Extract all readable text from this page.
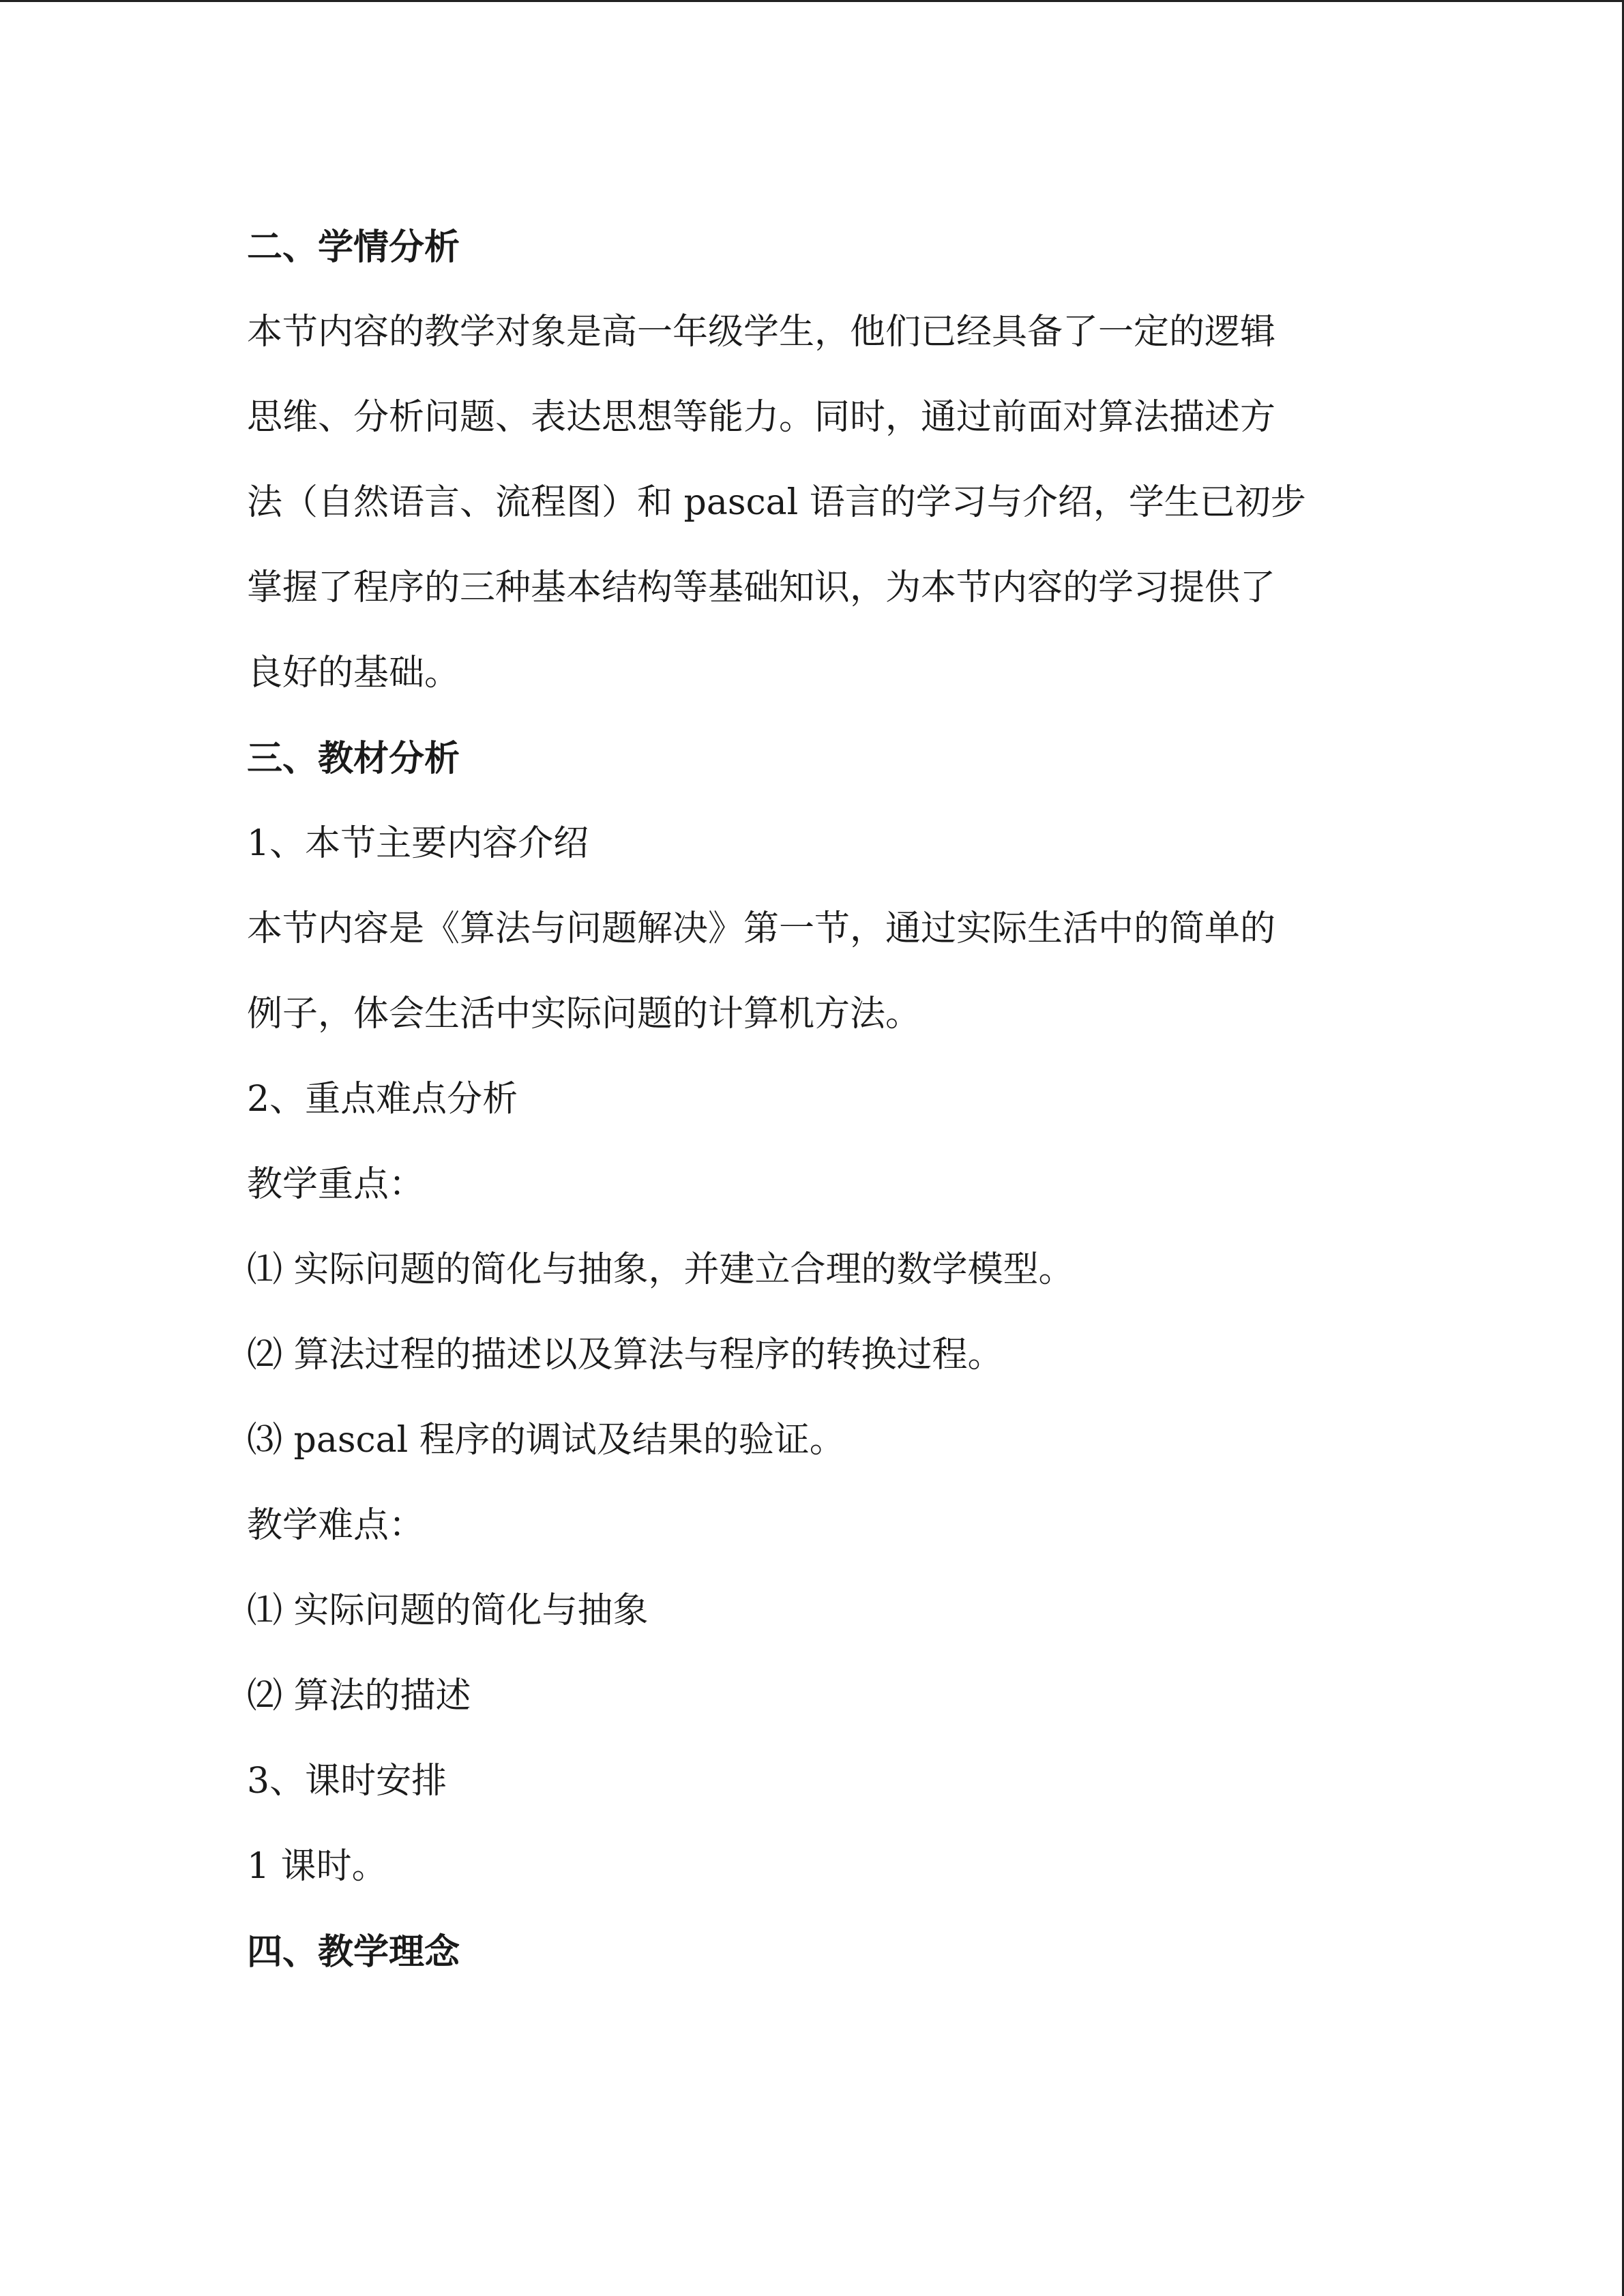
二、学情分析
本节内容的教学对象是高一年级学生，他们已经具备了一定的逻辑
思维、分析问题、表达思想等能力。同时，通过前面对算法描述方
法（自然语言、流程图）和 pascal 语言的学习与介绍，学生已初步
掌握了程序的三种基本结构等基础知识，为本节内容的学习提供了
良好的基础。
三、教材分析
1、本节主要内容介绍
本节内容是《算法与问题解决》第一节，通过实际生活中的简单的
例子，体会生活中实际问题的计算机方法。
2、重点难点分析
教学重点：
⑴ 实际问题的简化与抽象，并建立合理的数学模型。
⑵ 算法过程的描述以及算法与程序的转换过程。
⑶ pascal 程序的调试及结果的验证。
教学难点：
⑴ 实际问题的简化与抽象
⑵ 算法的描述
3、课时安排
1 课时。
四、教学理念
